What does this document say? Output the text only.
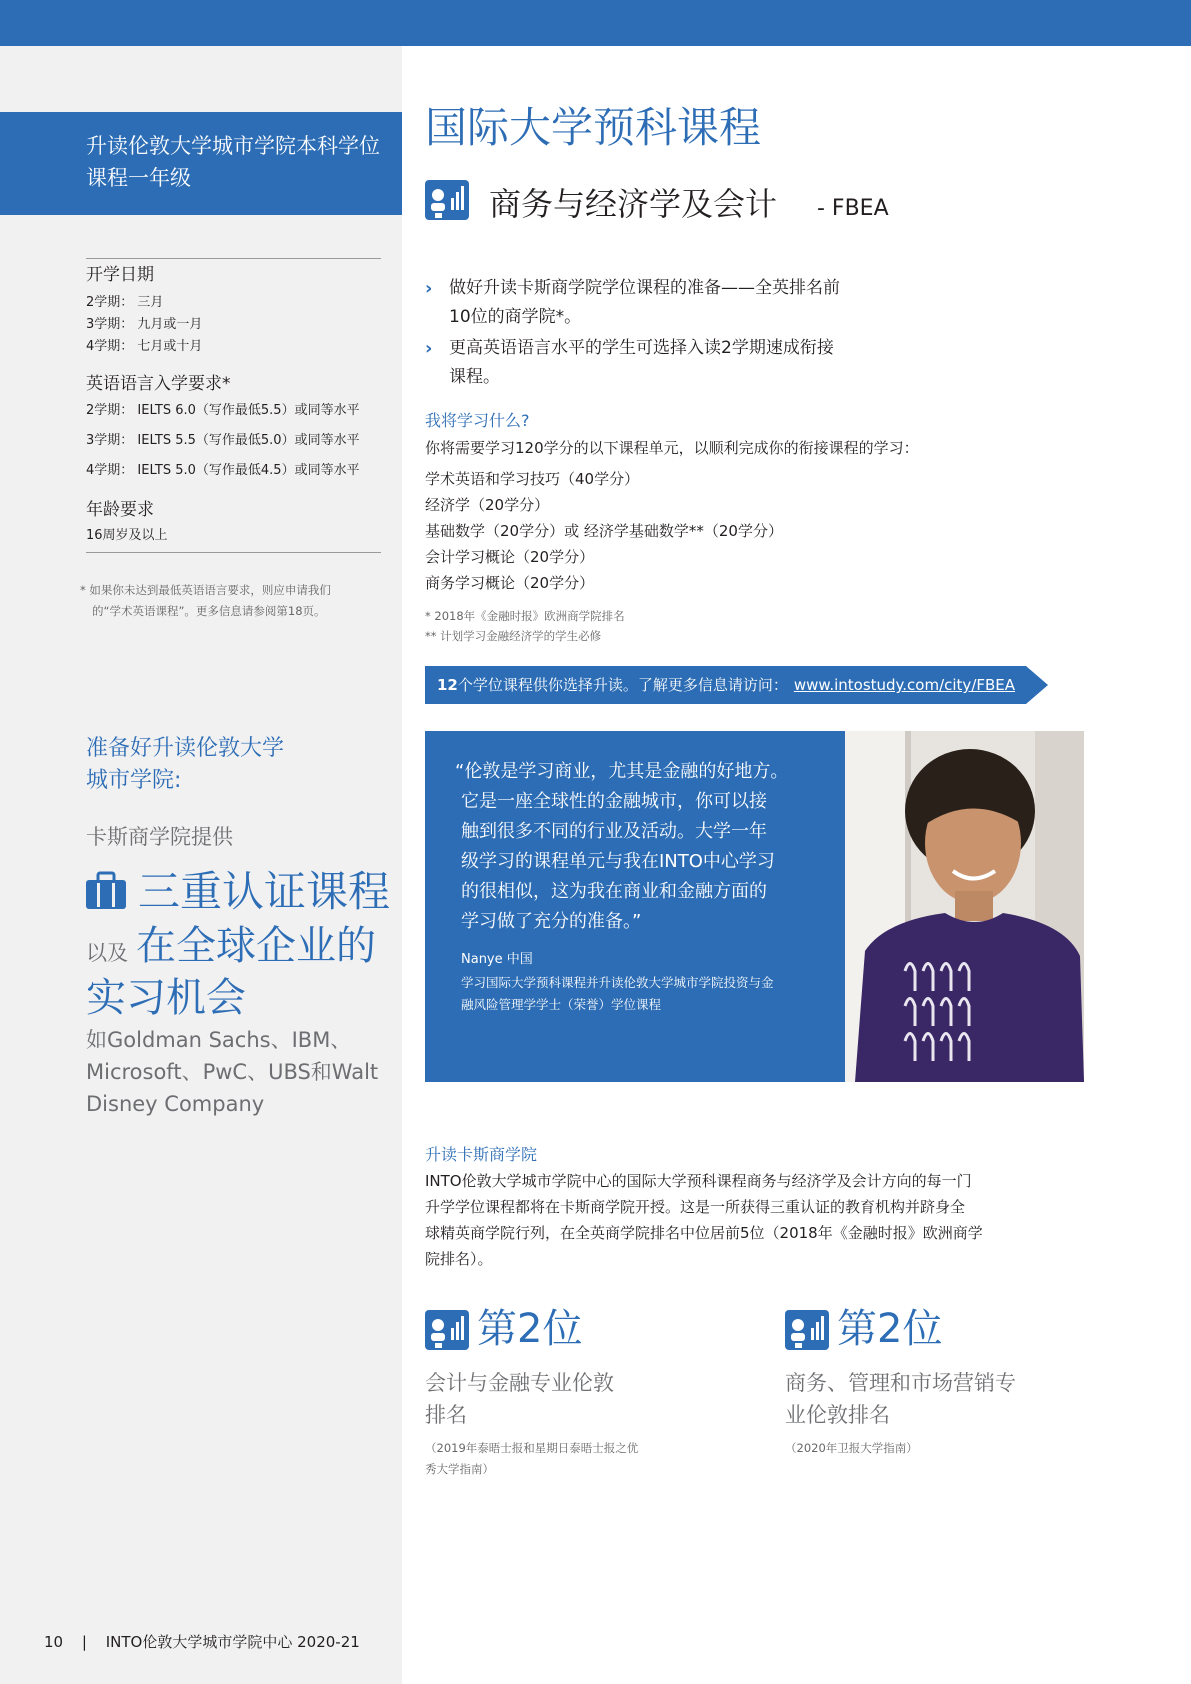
升读伦敦大学城市学院本科学位课程一年级
开学日期
2学期： 三月
3学期： 九月或一月
4学期： 七月或十月
英语语言入学要求*
2学期： IELTS 6.0（写作最低5.5）或同等水平
3学期： IELTS 5.5（写作最低5.0）或同等水平
4学期： IELTS 5.0（写作最低4.5）或同等水平
年龄要求
16周岁及以上
* 如果你未达到最低英语语言要求，则应申请我们
的“学术英语课程”。更多信息请参阅第18页。
准备好升读伦敦大学
城市学院:
卡斯商学院提供
三重认证课程
以及 在全球企业的
实习机会
如Goldman Sachs、IBM、
Microsoft、PwC、UBS和Walt
Disney Company
国际大学预科课程
商务与经济学及会计 - FBEA
› 做好升读卡斯商学院学位课程的准备——全英排名前
10位的商学院*。
› 更高英语语言水平的学生可选择入读2学期速成衔接
课程。
我将学习什么?
你将需要学习120学分的以下课程单元，以顺利完成你的衔接课程的学习：
学术英语和学习技巧（40学分）
经济学（20学分）
基础数学（20学分）或 经济学基础数学**（20学分）
会计学习概论（20学分）
商务学习概论（20学分）
* 2018年《金融时报》欧洲商学院排名
** 计划学习金融经济学的学生必修
12个学位课程供你选择升读。了解更多信息请访问： www.intostudy.com/city/FBEA
“伦敦是学习商业，尤其是金融的好地方。
它是一座全球性的金融城市，你可以接
触到很多不同的行业及活动。大学一年
级学习的课程单元与我在INTO中心学习
的很相似，这为我在商业和金融方面的
学习做了充分的准备。”
Nanye 中国
学习国际大学预科课程并升读伦敦大学城市学院投资与金
融风险管理学学士（荣誉）学位课程
升读卡斯商学院
INTO伦敦大学城市学院中心的国际大学预科课程商务与经济学及会计方向的每一门
升学学位课程都将在卡斯商学院开授。这是一所获得三重认证的教育机构并跻身全
球精英商学院行列，在全英商学院排名中位居前5位（2018年《金融时报》欧洲商学
院排名）。
第2位
会计与金融专业伦敦
排名
（2019年泰晤士报和星期日泰晤士报之优
秀大学指南）
第2位
商务、管理和市场营销专
业伦敦排名
（2020年卫报大学指南）
10 | INTO伦敦大学城市学院中心 2020-21
